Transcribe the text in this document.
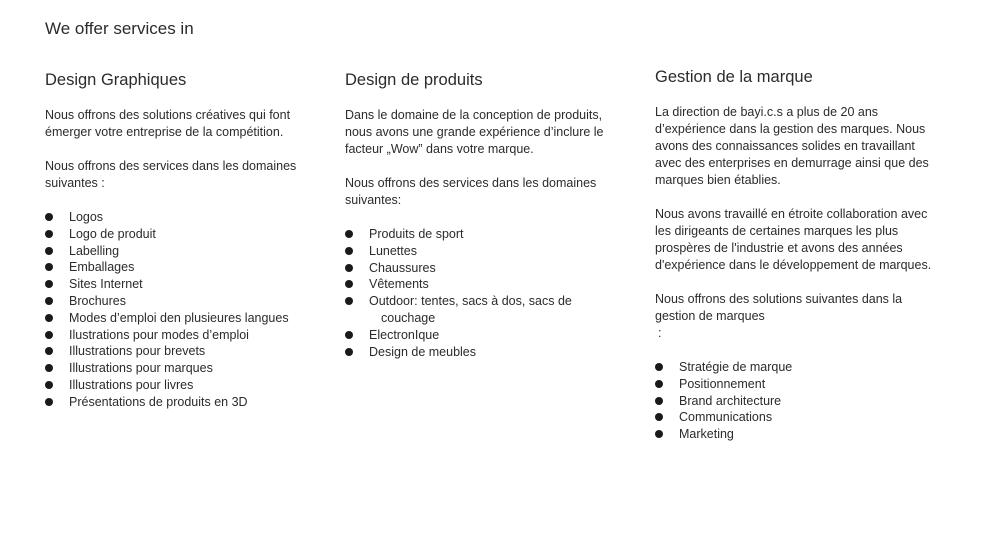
We offer services in
Design Graphiques

Nous offrons des solutions créatives qui font émerger votre entreprise de la compétition.

Nous offrons des services dans les domaines suivantes :

Logos
Logo de produit
Labelling
Emballages
Sites Internet
Brochures
Modes d’emploi den plusieures langues
Ilustrations pour modes d’emploi
Illustrations pour brevets
Illustrations pour marques
Illustrations pour livres
Présentations de produits en 3D
Design de produits

Dans le domaine de la conception de produits, nous avons une grande expérience d’inclure le facteur „Wow” dans votre marque.

Nous offrons des services dans les domaines suivantes:

Produits de sport
Lunettes
Chaussures
Vêtements
Outdoor: tentes, sacs à dos, sacs de
couchage
ElectronIque
Design de meubles
Gestion de la marque

La direction de bayi.c.s a plus de 20 ans d’expérience dans la gestion des marques. Nous avons des connaissances solides en travaillant avec des enterprises en demurrage ainsi que des marques bien établies.

Nous avons travaillé en étroite collaboration avec les dirigeants de certaines marques les plus prospères de l'industrie et avons des années d'expérience dans le développement de marques.

Nous offrons des solutions suivantes dans la gestion de marques

:

Stratégie de marque
Positionnement
Brand architecture
Communications
Marketing
